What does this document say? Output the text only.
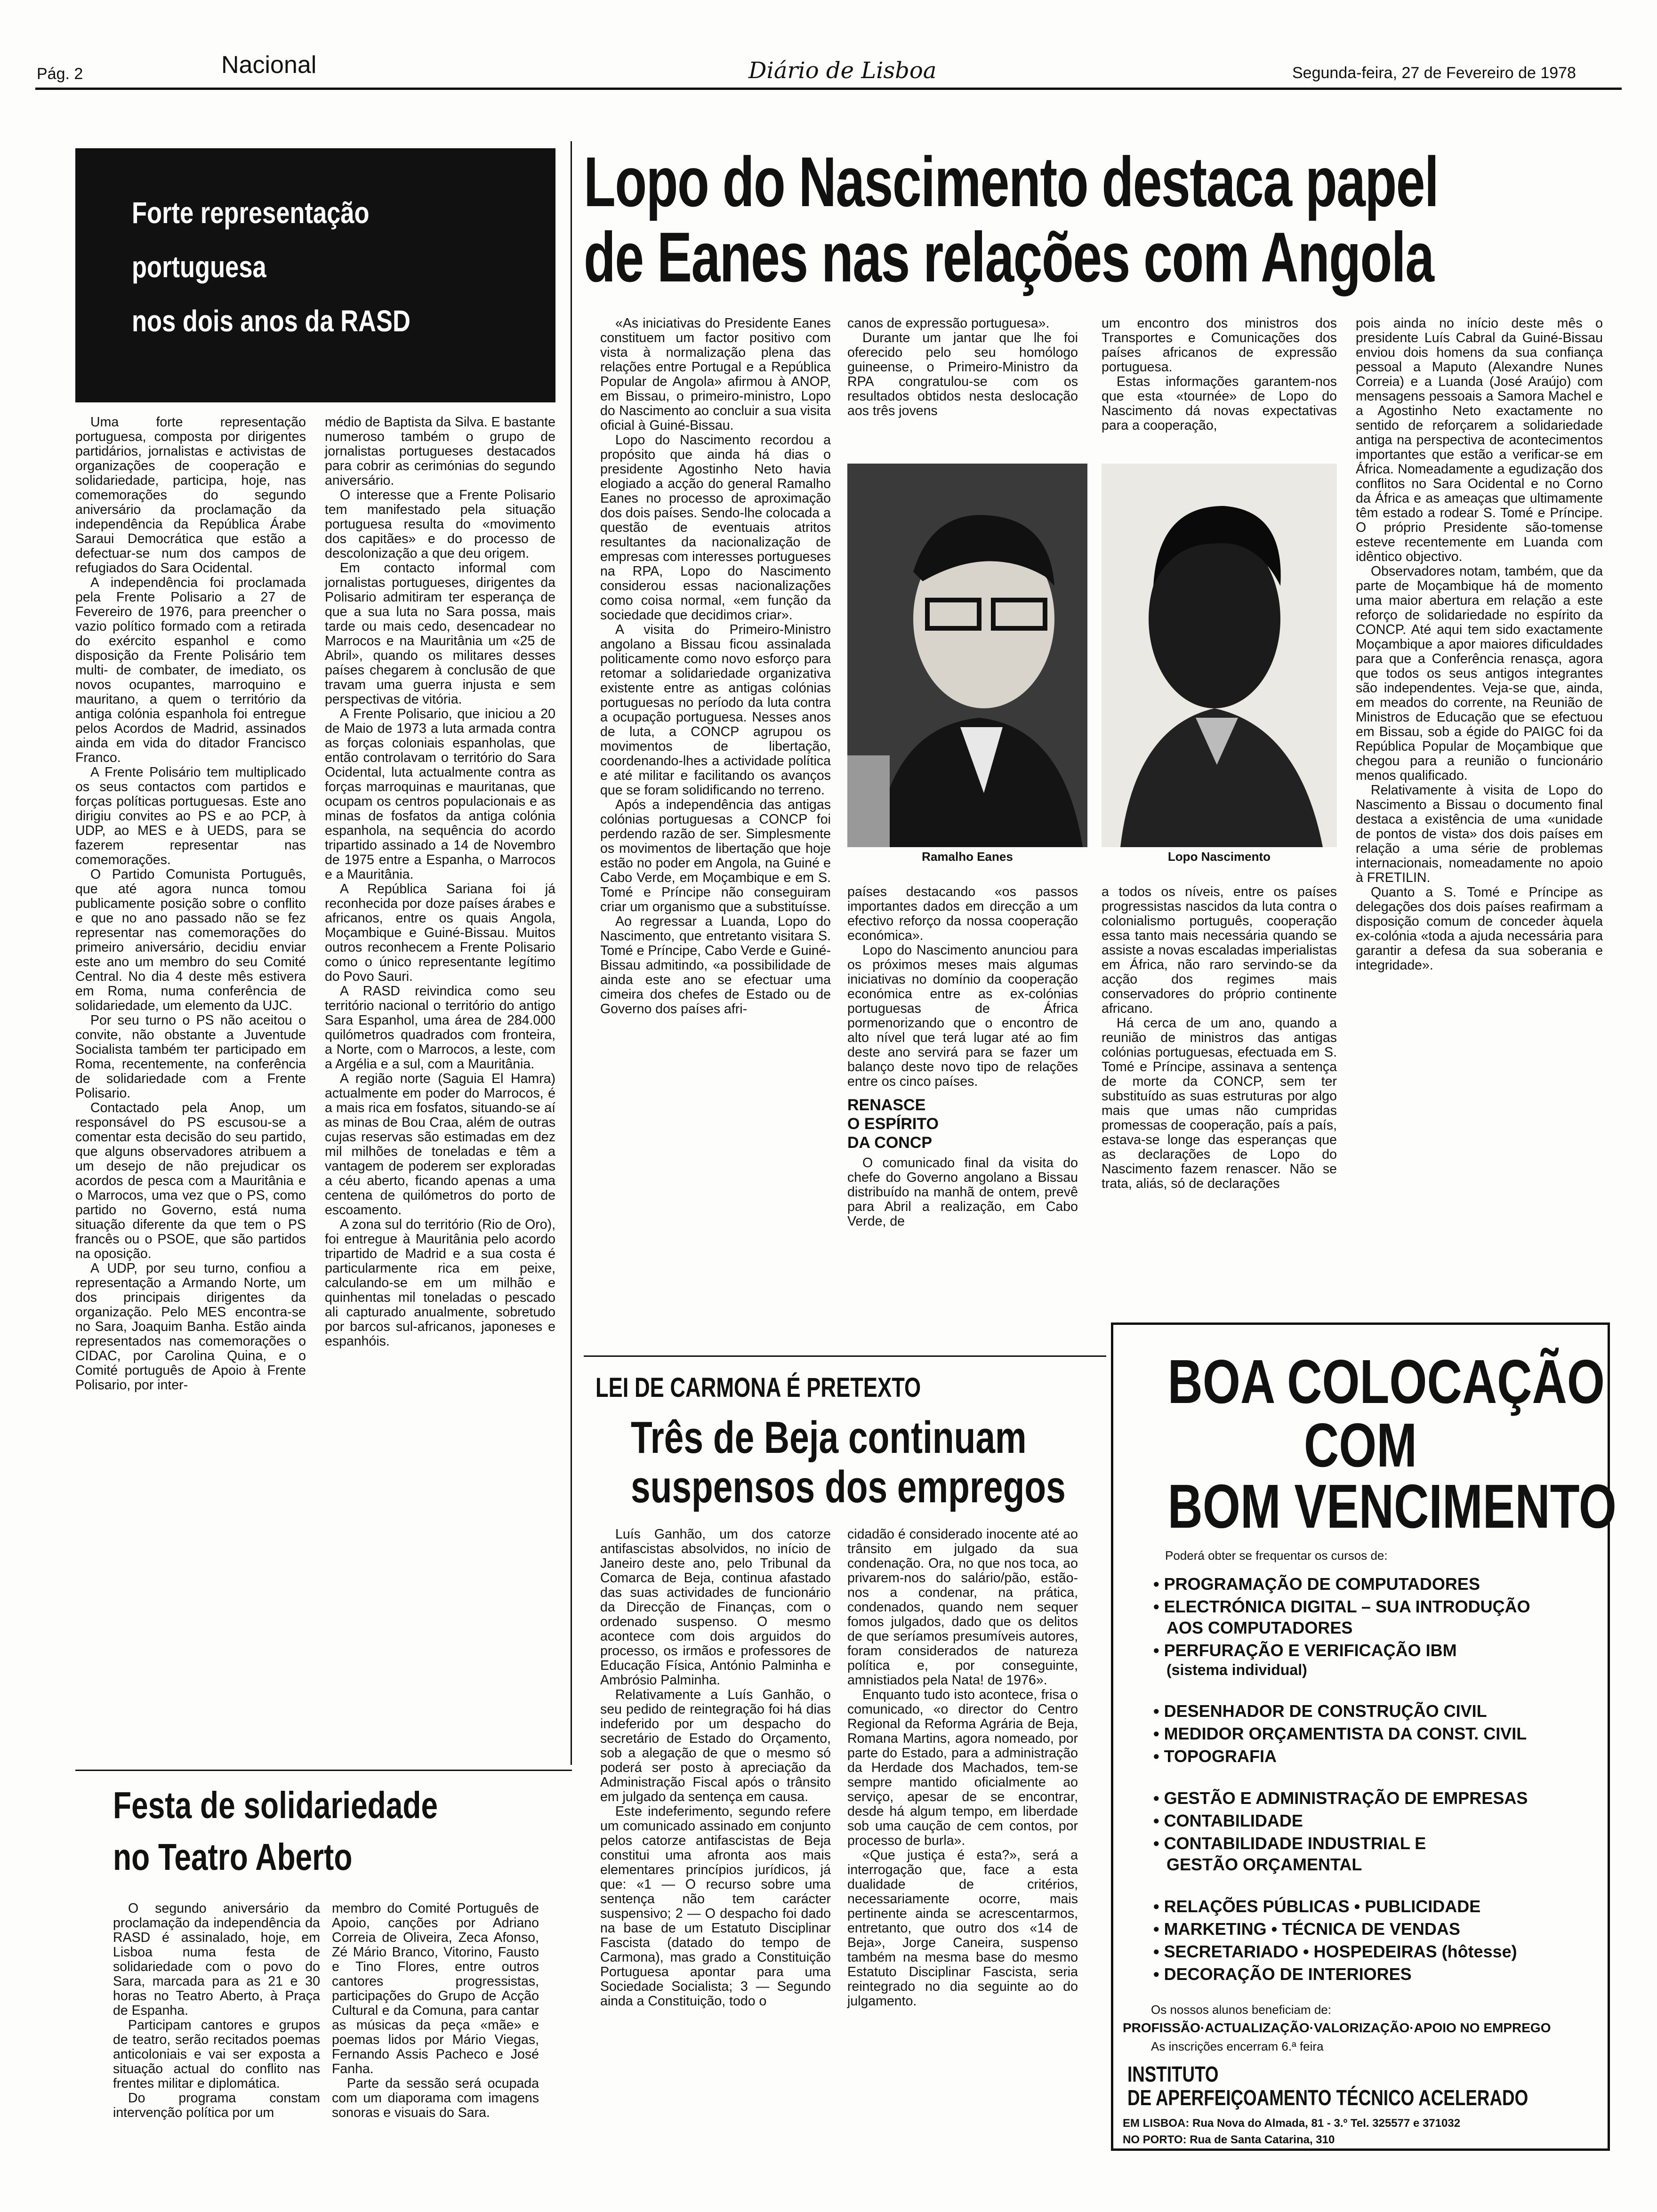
Pág. 2	Nacional	Diário de Lisboa	Segunda-feira, 27 de Fevereiro de 1978
Forte representação
portuguesa
nos dois anos da RASD

Uma forte representação portuguesa, composta por dirigentes partidários, jornalistas e activistas de organizações de cooperação e solidariedade, participa, hoje, nas comemorações do segundo aniversário da proclamação da independência da República Árabe Saraui Democrática que estão a defectuar-se num dos campos de refugiados do Sara Ocidental.

A independência foi proclamada pela Frente Polisario a 27 de Fevereiro de 1976, para preencher o vazio político formado com a retirada do exército espanhol e como disposição da Frente Polisário tem multi- de combater, de imediato, os novos ocupantes, marroquino e mauritano, a quem o território da antiga colónia espanhola foi entregue pelos Acordos de Madrid, assinados ainda em vida do ditador Francisco Franco.

A Frente Polisário tem multiplicado os seus contactos com partidos e forças políticas portuguesas. Este ano dirigiu convites ao PS e ao PCP, à UDP, ao MES e à UEDS, para se fazerem representar nas comemorações.

O Partido Comunista Português, que até agora nunca tomou publicamente posição sobre o conflito e que no ano passado não se fez representar nas comemorações do primeiro aniversário, decidiu enviar este ano um membro do seu Comité Central. No dia 4 deste mês estivera em Roma, numa conferência de solidariedade, um elemento da UJC.

Por seu turno o PS não aceitou o convite, não obstante a Juventude Socialista também ter participado em Roma, recentemente, na conferência de solidariedade com a Frente Polisario.

Contactado pela Anop, um responsável do PS escusou-se a comentar esta decisão do seu partido, que alguns observadores atribuem a um desejo de não prejudicar os acordos de pesca com a Mauritânia e o Marrocos, uma vez que o PS, como partido no Governo, está numa situação diferente da que tem o PS francês ou o PSOE, que são partidos na oposição.

A UDP, por seu turno, confiou a representação a Armando Norte, um dos principais dirigentes da organização. Pelo MES encontra-se no Sara, Joaquim Banha. Estão ainda representados nas comemorações o CIDAC, por Carolina Quina, e o Comité português de Apoio à Frente Polisario, por inter-

médio de Baptista da Silva. E bastante numeroso também o grupo de jornalistas portugueses destacados para cobrir as cerimónias do segundo aniversário.

O interesse que a Frente Polisario tem manifestado pela situação portuguesa resulta do «movimento dos capitães» e do processo de descolonização a que deu origem.

Em contacto informal com jornalistas portugueses, dirigentes da Polisario admitiram ter esperança de que a sua luta no Sara possa, mais tarde ou mais cedo, desencadear no Marrocos e na Mauritânia um «25 de Abril», quando os militares desses países chegarem à conclusão de que travam uma guerra injusta e sem perspectivas de vitória.

A Frente Polisario, que iniciou a 20 de Maio de 1973 a luta armada contra as forças coloniais espanholas, que então controlavam o território do Sara Ocidental, luta actualmente contra as forças marroquinas e mauritanas, que ocupam os centros populacionais e as minas de fosfatos da antiga colónia espanhola, na sequência do acordo tripartido assinado a 14 de Novembro de 1975 entre a Espanha, o Marrocos e a Mauritânia.

A República Sariana foi já reconhecida por doze países árabes e africanos, entre os quais Angola, Moçambique e Guiné-Bissau. Muitos outros reconhecem a Frente Polisario como o único representante legítimo do Povo Sauri.

A RASD reivindica como seu território nacional o território do antigo Sara Espanhol, uma área de 284.000 quilómetros quadrados com fronteira, a Norte, com o Marrocos, a leste, com a Argélia e a sul, com a Mauritânia.

A região norte (Saguia El Hamra) actualmente em poder do Marrocos, é a mais rica em fosfatos, situando-se aí as minas de Bou Craa, além de outras cujas reservas são estimadas em dez mil milhões de toneladas e têm a vantagem de poderem ser exploradas a céu aberto, ficando apenas a uma centena de quilómetros do porto de escoamento.

A zona sul do território (Rio de Oro), foi entregue à Mauritânia pelo acordo tripartido de Madrid e a sua costa é particularmente rica em peixe, calculando-se em um milhão e quinhentas mil toneladas o pescado ali capturado anualmente, sobretudo por barcos sul-africanos, japoneses e espanhóis.

Festa de solidariedade
no Teatro Aberto

O segundo aniversário da proclamação da independência da RASD é assinalado, hoje, em Lisboa numa festa de solidariedade com o povo do Sara, marcada para as 21 e 30 horas no Teatro Aberto, à Praça de Espanha.

Participam cantores e grupos de teatro, serão recitados poemas anticoloniais e vai ser exposta a situação actual do conflito nas frentes militar e diplomática.

Do programa constam intervenção política por um

membro do Comité Português de Apoio, canções por Adriano Correia de Oliveira, Zeca Afonso, Zé Mário Branco, Vitorino, Fausto e Tino Flores, entre outros cantores progressistas, participações do Grupo de Acção Cultural e da Comuna, para cantar as músicas da peça «mãe» e poemas lidos por Mário Viegas, Fernando Assis Pacheco e José Fanha.

Parte da sessão será ocupada com um diaporama com imagens sonoras e visuais do Sara.

Lopo do Nascimento destaca papel
de Eanes nas relações com Angola

«As iniciativas do Presidente Eanes constituem um factor positivo com vista à normalização plena das relações entre Portugal e a República Popular de Angola» afirmou à ANOP, em Bissau, o primeiro-ministro, Lopo do Nascimento ao concluir a sua visita oficial à Guiné-Bissau.

Lopo do Nascimento recordou a propósito que ainda há dias o presidente Agostinho Neto havia elogiado a acção do general Ramalho Eanes no processo de aproximação dos dois países. Sendo-lhe colocada a questão de eventuais atritos resultantes da nacionalização de empresas com interesses portugueses na RPA, Lopo do Nascimento considerou essas nacionalizações como coisa normal, «em função da sociedade que decidimos criar».

A visita do Primeiro-Ministro angolano a Bissau ficou assinalada politicamente como novo esforço para retomar a solidariedade organizativa existente entre as antigas colónias portuguesas no período da luta contra a ocupação portuguesa. Nesses anos de luta, a CONCP agrupou os movimentos de libertação, coordenando-lhes a actividade política e até militar e facilitando os avanços que se foram solidificando no terreno.

Após a independência das antigas colónias portuguesas a CONCP foi perdendo razão de ser. Simplesmente os movimentos de libertação que hoje estão no poder em Angola, na Guiné e Cabo Verde, em Moçambique e em S. Tomé e Príncipe não conseguiram criar um organismo que a substituísse.

Ao regressar a Luanda, Lopo do Nascimento, que entretanto visitara S. Tomé e Príncipe, Cabo Verde e Guiné-Bissau admitindo, «a possibilidade de ainda este ano se efectuar uma cimeira dos chefes de Estado ou de Governo dos países afri-

canos de expressão portuguesa».

Durante um jantar que lhe foi oferecido pelo seu homólogo guineense, o Primeiro-Ministro da RPA congratulou-se com os resultados obtidos nesta deslocação aos três jovens

um encontro dos ministros dos Transportes e Comunicações dos países africanos de expressão portuguesa.

Estas informações garantem-nos que esta «tournée» de Lopo do Nascimento dá novas expectativas para a cooperação,

Ramalho Eanes	Lopo Nascimento

países destacando «os passos importantes dados em direcção a um efectivo reforço da nossa cooperação económica».

Lopo do Nascimento anunciou para os próximos meses mais algumas iniciativas no domínio da cooperação económica entre as ex-colónias portuguesas de África pormenorizando que o encontro de alto nível que terá lugar até ao fim deste ano servirá para se fazer um balanço deste novo tipo de relações entre os cinco países.

RENASCE
O ESPÍRITO
DA CONCP

O comunicado final da visita do chefe do Governo angolano a Bissau distribuído na manhã de ontem, prevê para Abril a realização, em Cabo Verde, de

a todos os níveis, entre os países progressistas nascidos da luta contra o colonialismo português, cooperação essa tanto mais necessária quando se assiste a novas escaladas imperialistas em África, não raro servindo-se da acção dos regimes mais conservadores do próprio continente africano.

Há cerca de um ano, quando a reunião de ministros das antigas colónias portuguesas, efectuada em S. Tomé e Príncipe, assinava a sentença de morte da CONCP, sem ter substituído as suas estruturas por algo mais que umas não cumpridas promessas de cooperação, país a país, estava-se longe das esperanças que as declarações de Lopo do Nascimento fazem renascer. Não se trata, aliás, só de declarações

pois ainda no início deste mês o presidente Luís Cabral da Guiné-Bissau enviou dois homens da sua confiança pessoal a Maputo (Alexandre Nunes Correia) e a Luanda (José Araújo) com mensagens pessoais a Samora Machel e a Agostinho Neto exactamente no sentido de reforçarem a solidariedade antiga na perspectiva de acontecimentos importantes que estão a verificar-se em África. Nomeadamente a egudização dos conflitos no Sara Ocidental e no Corno da África e as ameaças que ultimamente têm estado a rodear S. Tomé e Príncipe. O próprio Presidente são-tomense esteve recentemente em Luanda com idêntico objectivo.

Observadores notam, também, que da parte de Moçambique há de momento uma maior abertura em relação a este reforço de solidariedade no espírito da CONCP. Até aqui tem sido exactamente Moçambique a apor maiores dificuldades para que a Conferência renasça, agora que todos os seus antigos integrantes são independentes. Veja-se que, ainda, em meados do corrente, na Reunião de Ministros de Educação que se efectuou em Bissau, sob a égide do PAIGC foi da República Popular de Moçambique que chegou para a reunião o funcionário menos qualificado.

Relativamente à visita de Lopo do Nascimento a Bissau o documento final destaca a existência de uma «unidade de pontos de vista» dos dois países em relação a uma série de problemas internacionais, nomeadamente no apoio à FRETILIN.

Quanto a S. Tomé e Príncipe as delegações dos dois países reafirmam a disposição comum de conceder àquela ex-colónia «toda a ajuda necessária para garantir a defesa da sua soberania e integridade».

LEI DE CARMONA É PRETEXTO
Três de Beja continuam
suspensos dos empregos

Luís Ganhão, um dos catorze antifascistas absolvidos, no início de Janeiro deste ano, pelo Tribunal da Comarca de Beja, continua afastado das suas actividades de funcionário da Direcção de Finanças, com o ordenado suspenso. O mesmo acontece com dois arguidos do processo, os irmãos e professores de Educação Física, António Palminha e Ambrósio Palminha.

Relativamente a Luís Ganhão, o seu pedido de reintegração foi há dias indeferido por um despacho do secretário de Estado do Orçamento, sob a alegação de que o mesmo só poderá ser posto à apreciação da Administração Fiscal após o trânsito em julgado da sentença em causa.

Este indeferimento, segundo refere um comunicado assinado em conjunto pelos catorze antifascistas de Beja constitui uma afronta aos mais elementares princípios jurídicos, já que: «1 — O recurso sobre uma sentença não tem carácter suspensivo; 2 — O despacho foi dado na base de um Estatuto Disciplinar Fascista (datado do tempo de Carmona), mas grado a Constituição Portuguesa apontar para uma Sociedade Socialista; 3 — Segundo ainda a Constituição, todo o

cidadão é considerado inocente até ao trânsito em julgado da sua condenação. Ora, no que nos toca, ao privarem-nos do salário/pão, estão-nos a condenar, na prática, condenados, quando nem sequer fomos julgados, dado que os delitos de que seríamos presumíveis autores, foram considerados de natureza política e, por conseguinte, amnistiados pela Nata! de 1976».

Enquanto tudo isto acontece, frisa o comunicado, «o director do Centro Regional da Reforma Agrária de Beja, Romana Martins, agora nomeado, por parte do Estado, para a administração da Herdade dos Machados, tem-se sempre mantido oficialmente ao serviço, apesar de se encontrar, desde há algum tempo, em liberdade sob uma caução de cem contos, por processo de burla».

«Que justiça é esta?», será a interrogação que, face a esta dualidade de critérios, necessariamente ocorre, mais pertinente ainda se acrescentarmos, entretanto, que outro dos «14 de Beja», Jorge Caneira, suspenso também na mesma base do mesmo Estatuto Disciplinar Fascista, seria reintegrado no dia seguinte ao do julgamento.

BOA COLOCAÇÃO
COM
BOM VENCIMENTO
Poderá obter se frequentar os cursos de:
• PROGRAMAÇÃO DE COMPUTADORES
• ELECTRÓNICA DIGITAL – SUA INTRODUÇÃO
AOS COMPUTADORES
• PERFURAÇÃO E VERIFICAÇÃO IBM
(sistema individual)
• DESENHADOR DE CONSTRUÇÃO CIVIL
• MEDIDOR ORÇAMENTISTA DA CONST. CIVIL
• TOPOGRAFIA
• GESTÃO E ADMINISTRAÇÃO DE EMPRESAS
• CONTABILIDADE
• CONTABILIDADE INDUSTRIAL E
GESTÃO ORÇAMENTAL
• RELAÇÕES PÚBLICAS • PUBLICIDADE
• MARKETING • TÉCNICA DE VENDAS
• SECRETARIADO • HOSPEDEIRAS (hôtesse)
• DECORAÇÃO DE INTERIORES
Os nossos alunos beneficiam de:
PROFISSÃO·ACTUALIZAÇÃO·VALORIZAÇÃO·APOIO NO EMPREGO
As inscrições encerram 6.ª feira
INSTITUTO
DE APERFEIÇOAMENTO TÉCNICO ACELERADO
EM LISBOA: Rua Nova do Almada, 81 - 3.º Tel. 325577 e 371032
NO PORTO: Rua de Santa Catarina, 310
